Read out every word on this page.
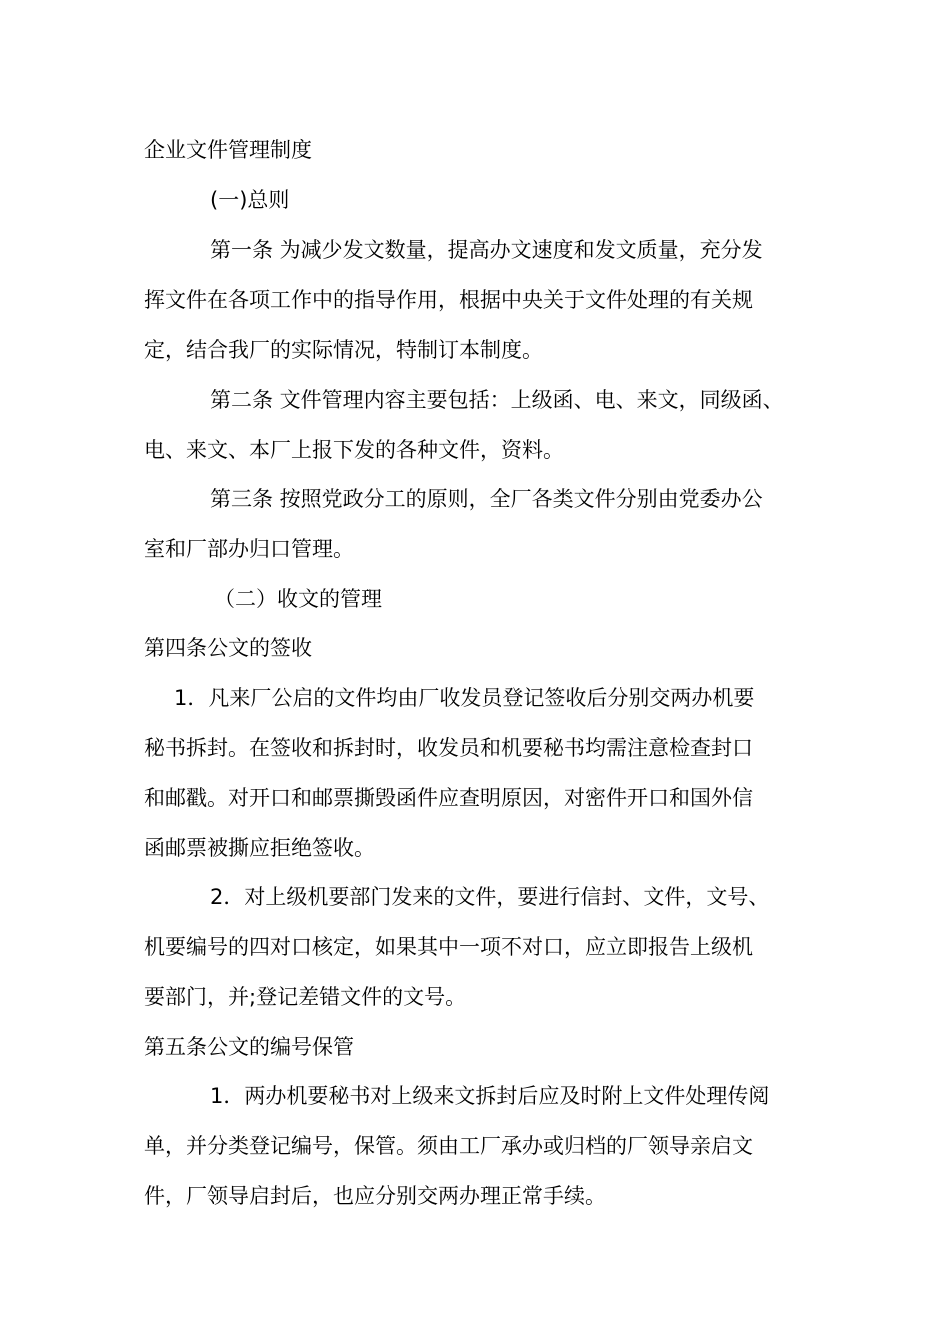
企业文件管理制度
(一)总则
第一条 为减少发文数量，提高办文速度和发文质量，充分发
挥文件在各项工作中的指导作用，根据中央关于文件处理的有关规
定，结合我厂的实际情况，特制订本制度。
第二条 文件管理内容主要包括：上级函、电、来文，同级函、
电、来文、本厂上报下发的各种文件，资料。
第三条 按照党政分工的原则，全厂各类文件分别由党委办公
室和厂部办归口管理。
（二）收文的管理
第四条公文的签收
1．凡来厂公启的文件均由厂收发员登记签收后分别交两办机要
秘书拆封。在签收和拆封时，收发员和机要秘书均需注意检查封口
和邮戳。对开口和邮票撕毁函件应查明原因，对密件开口和国外信
函邮票被撕应拒绝签收。
2．对上级机要部门发来的文件，要进行信封、文件，文号、
机要编号的四对口核定，如果其中一项不对口，应立即报告上级机
要部门，并;登记差错文件的文号。
第五条公文的编号保管
1．两办机要秘书对上级来文拆封后应及时附上文件处理传阅
单，并分类登记编号，保管。须由工厂承办或归档的厂领导亲启文
件，厂领导启封后，也应分别交两办理正常手续。
